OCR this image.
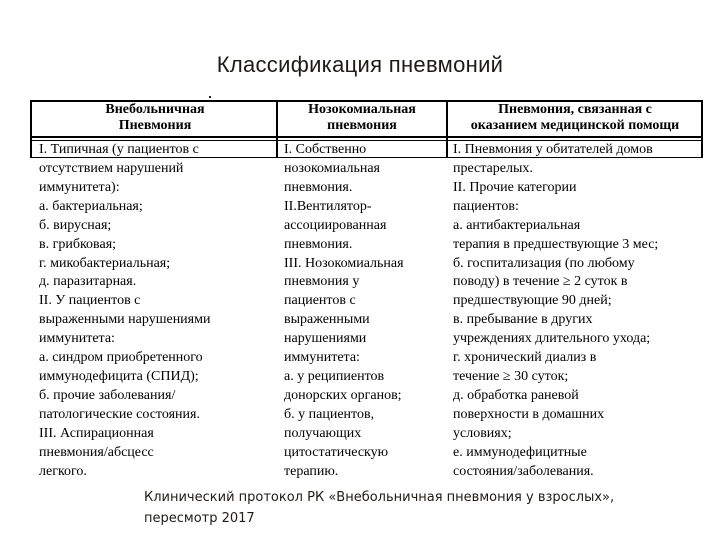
Классификация пневмоний
Внебольничная
Пневмония
Нозокомиальная
пневмония
Пневмония, связанная с
оказанием медицинской помощи
I. Типичная (у пациентов с	I. Собственно	I. Пневмония у обитателей домов
отсутствием нарушений
иммунитета):
а. бактериальная;
б. вирусная;
в. грибковая;
г. микобактериальная;
д. паразитарная.
II. У пациентов с
выраженными нарушениями
иммунитета:
а. синдром приобретенного
иммунодефицита (СПИД);
б. прочие заболевания/
патологические состояния.
III. Аспирационная
пневмония/абсцесс
легкого.
нозокомиальная
пневмония.
II.Вентилятор-
ассоциированная
пневмония.
III. Нозокомиальная
пневмония у
пациентов с
выраженными
нарушениями
иммунитета:
а. у реципиентов
донорских органов;
б. у пациентов,
получающих
цитостатическую
терапию.
престарелых.
II. Прочие категории
пациентов:
а. антибактериальная
терапия в предшествующие 3 мес;
б. госпитализация (по любому
поводу) в течение ≥ 2 суток в
предшествующие 90 дней;
в. пребывание в других
учреждениях длительного ухода;
г. хронический диализ в
течение ≥ 30 суток;
д. обработка раневой
поверхности в домашних
условиях;
е. иммунодефицитные
состояния/заболевания.
Клинический протокол РК «Внебольничная пневмония у взрослых»,
пересмотр 2017
